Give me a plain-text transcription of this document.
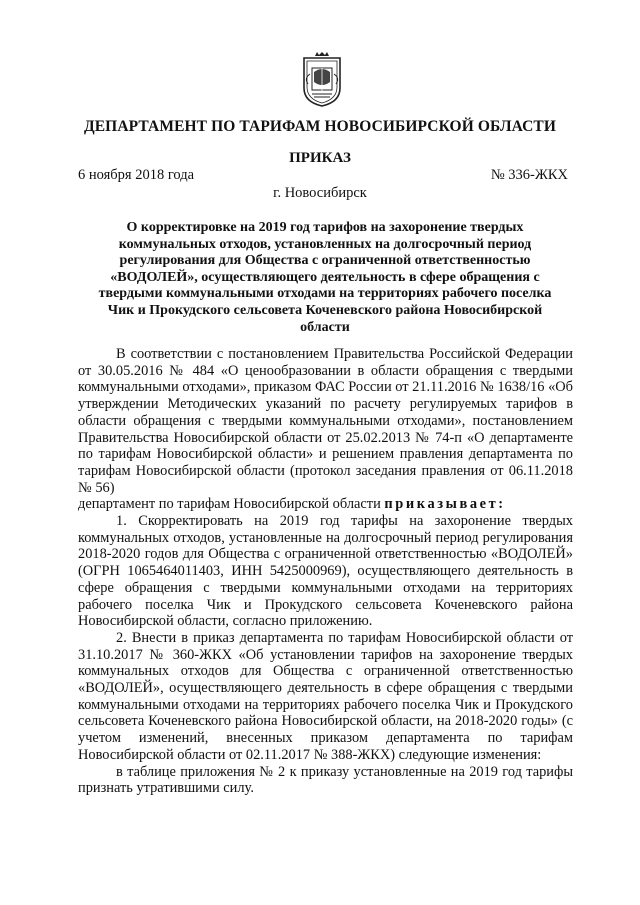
ДЕПАРТАМЕНТ ПО ТАРИФАМ НОВОСИБИРСКОЙ ОБЛАСТИ
ПРИКАЗ
6 ноября 2018 года	№ 336-ЖКХ
г. Новосибирск
О корректировке на 2019 год тарифов на захоронение твердых коммунальных отходов, установленных на долгосрочный период регулирования для Общества с ограниченной ответственностью «ВОДОЛЕЙ», осуществляющего деятельность в сфере обращения с твердыми коммунальными отходами на территориях рабочего поселка Чик и Прокудского сельсовета Коченевского района Новосибирской области

В соответствии с постановлением Правительства Российской Федерации от 30.05.2016 № 484 «О ценообразовании в области обращения с твердыми коммунальными отходами», приказом ФАС России от 21.11.2016 № 1638/16 «Об утверждении Методических указаний по расчету регулируемых тарифов в области обращения с твердыми коммунальными отходами», постановлением Правительства Новосибирской области от 25.02.2013 № 74-п «О департаменте по тарифам Новосибирской области» и решением правления департамента по тарифам Новосибирской области (протокол заседания правления от 06.11.2018 № 56)

департамент по тарифам Новосибирской области приказывает:

1. Скорректировать на 2019 год тарифы на захоронение твердых коммунальных отходов, установленные на долгосрочный период регулирования 2018-2020 годов для Общества с ограниченной ответственностью «ВОДОЛЕЙ» (ОГРН 1065464011403, ИНН 5425000969), осуществляющего деятельность в сфере обращения с твердыми коммунальными отходами на территориях рабочего поселка Чик и Прокудского сельсовета Коченевского района Новосибирской области, согласно приложению.

2. Внести в приказ департамента по тарифам Новосибирской области от 31.10.2017 № 360-ЖКХ «Об установлении тарифов на захоронение твердых коммунальных отходов для Общества с ограниченной ответственностью «ВОДОЛЕЙ», осуществляющего деятельность в сфере обращения с твердыми коммунальными отходами на территориях рабочего поселка Чик и Прокудского сельсовета Коченевского района Новосибирской области, на 2018-2020 годы» (с учетом изменений, внесенных приказом департамента по тарифам Новосибирской области от 02.11.2017 № 388-ЖКХ) следующие изменения:

в таблице приложения № 2 к приказу установленные на 2019 год тарифы признать утратившими силу.
